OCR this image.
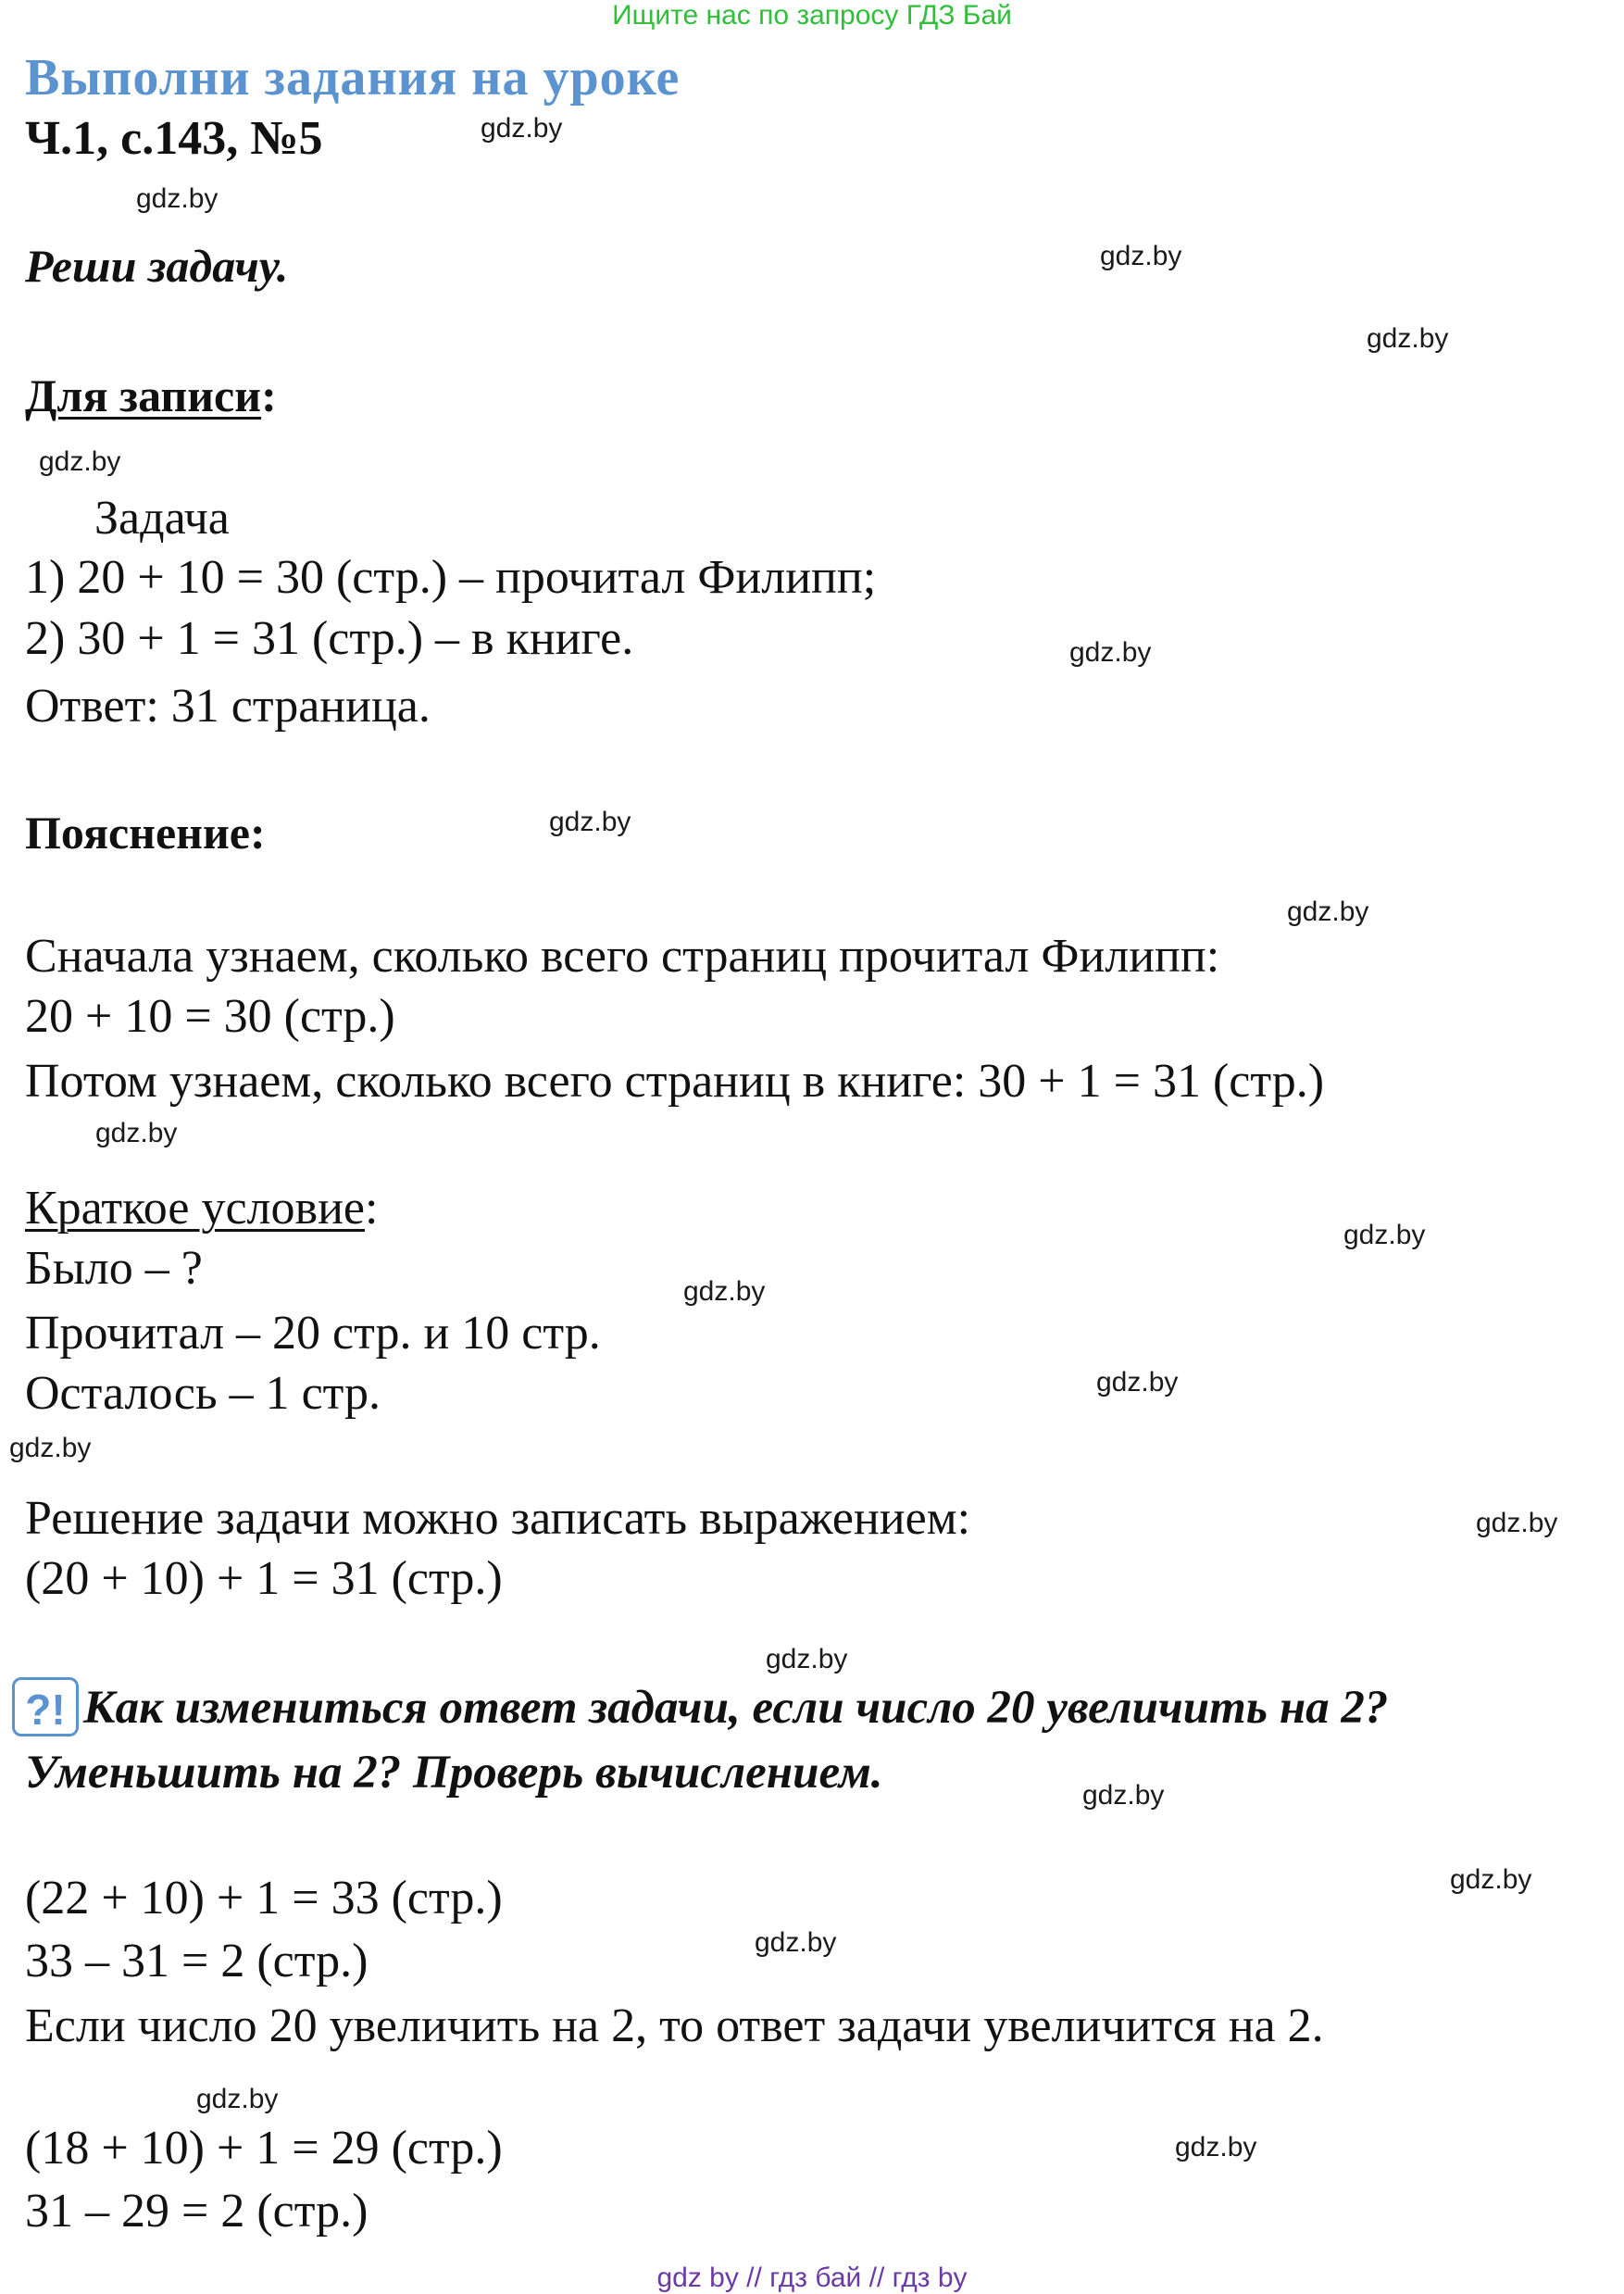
Ищите нас по запросу ГДЗ Бай
Выполни задания на уроке
Ч.1, с.143, №5
Реши задачу.
Для записи:
Задача
1) 20 + 10 = 30 (стр.) – прочитал Филипп;
2) 30 + 1 = 31 (стр.) – в книге.
Ответ: 31 страница.
Пояснение:
Сначала узнаем, сколько всего страниц прочитал Филипп:
20 + 10 = 30 (стр.)
Потом узнаем, сколько всего страниц в книге: 30 + 1 = 31 (стр.)
Краткое условие:
Было – ?
Прочитал – 20 стр. и 10 стр.
Осталось – 1 стр.
Решение задачи можно записать выражением:
(20 + 10) + 1 = 31 (стр.)
?! Как измениться ответ задачи, если число 20 увеличить на 2?
Уменьшить на 2? Проверь вычислением.
(22 + 10) + 1 = 33 (стр.)
33 – 31 = 2 (стр.)
Если число 20 увеличить на 2, то ответ задачи увеличится на 2.
(18 + 10) + 1 = 29 (стр.)
31 – 29 = 2 (стр.)
gdz.by
gdz.by
gdz.by
gdz.by
gdz.by
gdz.by
gdz.by
gdz.by
gdz.by
gdz.by
gdz.by
gdz.by
gdz.by
gdz.by
gdz.by
gdz.by
gdz.by
gdz.by
gdz.by
gdz.by
gdz by // гдз бай // гдз by
